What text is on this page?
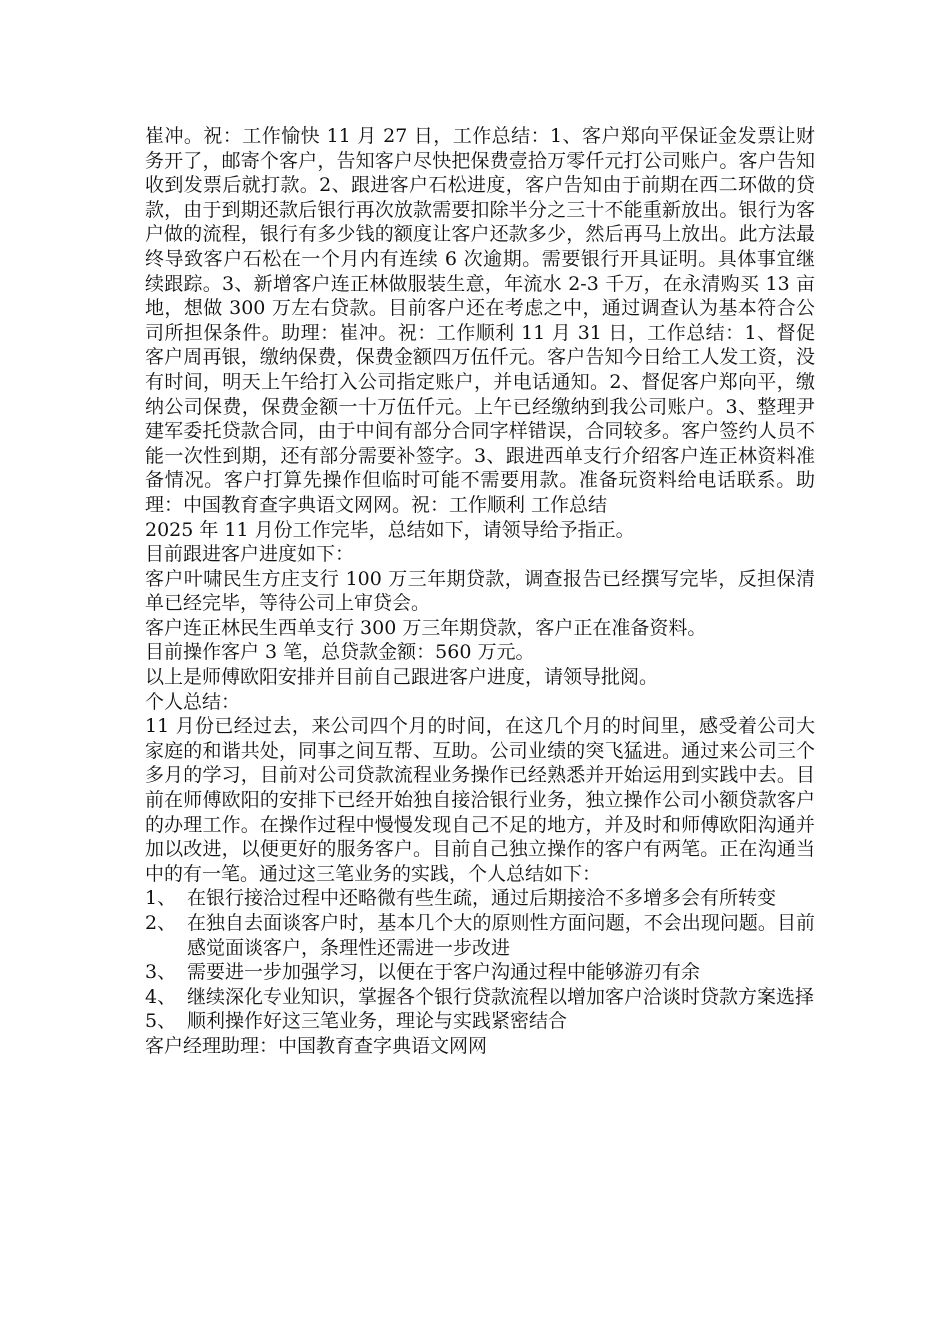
崔冲。祝：工作愉快 11 月 27 日，工作总结：1、客户郑向平保证金发票让财务开了，邮寄个客户，告知客户尽快把保费壹拾万零仟元打公司账户。客户告知收到发票后就打款。2、跟进客户石松进度，客户告知由于前期在西二环做的贷款，由于到期还款后银行再次放款需要扣除半分之三十不能重新放出。银行为客户做的流程，银行有多少钱的额度让客户还款多少，然后再马上放出。此方法最终导致客户石松在一个月内有连续 6 次逾期。需要银行开具证明。具体事宜继续跟踪。3、新增客户连正林做服装生意，年流水 2-3 千万，在永清购买 13 亩地，想做 300 万左右贷款。目前客户还在考虑之中，通过调查认为基本符合公司所担保条件。助理：崔冲。祝：工作顺利 11 月 31 日，工作总结：1、督促客户周再银，缴纳保费，保费金额四万伍仟元。客户告知今日给工人发工资，没有时间，明天上午给打入公司指定账户，并电话通知。2、督促客户郑向平，缴纳公司保费，保费金额一十万伍仟元。上午已经缴纳到我公司账户。3、整理尹建军委托贷款合同，由于中间有部分合同字样错误，合同较多。客户签约人员不能一次性到期，还有部分需要补签字。3、跟进西单支行介绍客户连正林资料准备情况。客户打算先操作但临时可能不需要用款。准备玩资料给电话联系。助理：中国教育查字典语文网网。祝：工作顺利 工作总结

2025 年 11 月份工作完毕，总结如下，请领导给予指正。

目前跟进客户进度如下：

客户叶啸民生方庄支行 100 万三年期贷款，调查报告已经撰写完毕，反担保清单已经完毕，等待公司上审贷会。

客户连正林民生西单支行 300 万三年期贷款，客户正在准备资料。

目前操作客户 3 笔，总贷款金额：560 万元。

以上是师傅欧阳安排并目前自己跟进客户进度，请领导批阅。

个人总结：

11 月份已经过去，来公司四个月的时间，在这几个月的时间里，感受着公司大家庭的和谐共处，同事之间互帮、互助。公司业绩的突飞猛进。通过来公司三个多月的学习，目前对公司贷款流程业务操作已经熟悉并开始运用到实践中去。目前在师傅欧阳的安排下已经开始独自接洽银行业务，独立操作公司小额贷款客户的办理工作。在操作过程中慢慢发现自己不足的地方，并及时和师傅欧阳沟通并加以改进，以便更好的服务客户。目前自己独立操作的客户有两笔。正在沟通当中的有一笔。通过这三笔业务的实践，个人总结如下：

1、 在银行接洽过程中还略微有些生疏，通过后期接洽不多增多会有所转变
2、 在独自去面谈客户时，基本几个大的原则性方面问题，不会出现问题。目前感觉面谈客户，条理性还需进一步改进
3、 需要进一步加强学习，以便在于客户沟通过程中能够游刃有余
4、 继续深化专业知识，掌握各个银行贷款流程以增加客户洽谈时贷款方案选择
5、 顺利操作好这三笔业务，理论与实践紧密结合

客户经理助理：中国教育查字典语文网网
